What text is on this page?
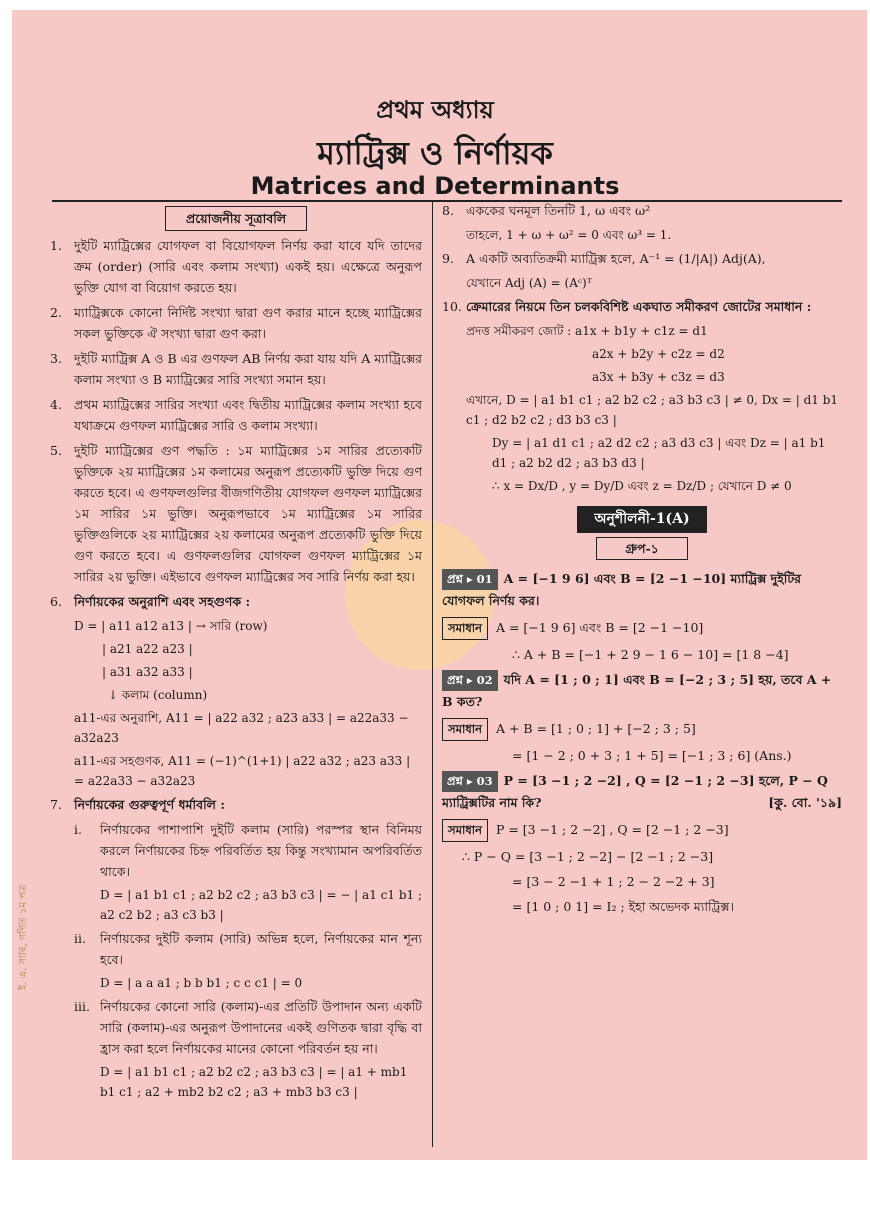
প্রথম অধ্যায়
ম্যাট্রিক্স ও নির্ণায়ক
Matrices and Determinants
প্রয়োজনীয় সূত্রাবলি
1. দুইটি ম্যাট্রিক্সের যোগফল বা বিয়োগফল নির্ণয় করা যাবে যদি তাদের ক্রম (order) (সারি এবং কলাম সংখ্যা) একই হয়। এক্ষেত্রে অনুরূপ ভুক্তি যোগ বা বিয়োগ করতে হয়।
2. ম্যাট্রিক্সকে কোনো নির্দিষ্ট সংখ্যা দ্বারা গুণ করার মানে হচ্ছে ম্যাট্রিক্সের সকল ভুক্তিকে ঐ সংখ্যা দ্বারা গুণ করা।
3. দুইটি ম্যাট্রিক্স A ও B এর গুণফল AB নির্ণয় করা যায় যদি A ম্যাট্রিক্সের কলাম সংখ্যা ও B ম্যাট্রিক্সের সারি সংখ্যা সমান হয়।
4. প্রথম ম্যাট্রিক্সের সারির সংখ্যা এবং দ্বিতীয় ম্যাট্রিক্সের কলাম সংখ্যা হবে যথাক্রমে গুণফল ম্যাট্রিক্সের সারি ও কলাম সংখ্যা।
5. দুইটি ম্যাট্রিক্সের গুণ পদ্ধতি : ১ম ম্যাট্রিক্সের ১ম সারির প্রত্যেকটি ভুক্তিকে ২য় ম্যাট্রিক্সের ১ম কলামের অনুরূপ প্রত্যেকটি ভুক্তি দিয়ে গুণ করতে হবে। এ গুণফলগুলির বীজগণিতীয় যোগফল গুণফল ম্যাট্রিক্সের ১ম সারির ১ম ভুক্তি। অনুরূপভাবে ১ম ম্যাট্রিক্সের ১ম সারির ভুক্তিগুলিকে ২য় ম্যাট্রিক্সের ২য় কলামের অনুরূপ প্রত্যেকটি ভুক্তি দিয়ে গুণ করতে হবে। এ গুণফলগুলির যোগফল গুণফল ম্যাট্রিক্সের ১ম সারির ২য় ভুক্তি। এইভাবে গুণফল ম্যাট্রিক্সের সব সারি নির্ণয় করা হয়।
6. নির্ণায়কের অনুরাশি এবং সহগুণক :
D = | a11 a12 a13 | → সারি (row)
| a21 a22 a23 |
| a31 a32 a33 |
↓ কলাম (column)
a11-এর অনুরাশি, A11 = | a22 a32 ; a23 a33 | = a22a33 − a32a23
a11-এর সহগুণক, A11 = (−1)^(1+1) | a22 a32 ; a23 a33 | = a22a33 − a32a23
7. নির্ণায়কের গুরুত্বপূর্ণ ধর্মাবলি :
i.	নির্ণায়কের পাশাপাশি দুইটি কলাম (সারি) পরস্পর স্থান বিনিময় করলে নির্ণায়কের চিহ্ন পরিবর্তিত হয় কিন্তু সংখ্যামান অপরিবর্তিত থাকে।
D = | a1 b1 c1 ; a2 b2 c2 ; a3 b3 c3 | = − | a1 c1 b1 ; a2 c2 b2 ; a3 c3 b3 |
ii.	নির্ণায়কের দুইটি কলাম (সারি) অভিন্ন হলে, নির্ণায়কের মান শূন্য হবে।
D = | a a a1 ; b b b1 ; c c c1 | = 0
iii. নির্ণায়কের কোনো সারি (কলাম)-এর প্রতিটি উপাদান অন্য একটি সারি (কলাম)-এর অনুরূপ উপাদানের একই গুণিতক দ্বারা বৃদ্ধি বা হ্রাস করা হলে নির্ণায়কের মানের কোনো পরিবর্তন হয় না।
D = | a1 b1 c1 ; a2 b2 c2 ; a3 b3 c3 | = | a1 + mb1 b1 c1 ; a2 + mb2 b2 c2 ; a3 + mb3 b3 c3 |
8. এককের ঘনমূল তিনটি 1, ω এবং ω²
তাহলে, 1 + ω + ω² = 0 এবং ω³ = 1.
9. A একটি অব্যতিক্রমী ম্যাট্রিক্স হলে, A⁻¹ = (1/|A|) Adj(A),
যেখানে Adj (A) = (Aᶜ)ᵀ
10. ক্রেমারের নিয়মে তিন চলকবিশিষ্ট একঘাত সমীকরণ জোটের সমাধান :
প্রদত্ত সমীকরণ জোট : a1x + b1y + c1z = d1
a2x + b2y + c2z = d2
a3x + b3y + c3z = d3
এখানে, D = | a1 b1 c1 ; a2 b2 c2 ; a3 b3 c3 | ≠ 0, Dx = | d1 b1 c1 ; d2 b2 c2 ; d3 b3 c3 |
Dy = | a1 d1 c1 ; a2 d2 c2 ; a3 d3 c3 | এবং Dz = | a1 b1 d1 ; a2 b2 d2 ; a3 b3 d3 |
∴ x = Dx/D , y = Dy/D এবং z = Dz/D ; যেখানে D ≠ 0
অনুশীলনী-1(A)
গ্রুপ-১
প্রশ্ন ▸ 01 A = [−1 9 6] এবং B = [2 −1 −10] ম্যাট্রিক্স দুইটির যোগফল নির্ণয় কর।
সমাধান A = [−1 9 6] এবং B = [2 −1 −10]
∴ A + B = [−1 + 2 9 − 1 6 − 10] = [1 8 −4]
প্রশ্ন ▸ 02 যদি A = [1 ; 0 ; 1] এবং B = [−2 ; 3 ; 5] হয়, তবে A + B কত?
সমাধান A + B = [1 ; 0 ; 1] + [−2 ; 3 ; 5]
= [1 − 2 ; 0 + 3 ; 1 + 5] = [−1 ; 3 ; 6] (Ans.)
প্রশ্ন ▸ 03 P = [3 −1 ; 2 −2] , Q = [2 −1 ; 2 −3] হলে, P − Q ম্যাট্রিক্সটির নাম কি?	[কু. বো. '১৯]
সমাধান P = [3 −1 ; 2 −2] , Q = [2 −1 ; 2 −3]
∴ P − Q = [3 −1 ; 2 −2] − [2 −1 ; 2 −3]
= [3 − 2 −1 + 1 ; 2 − 2 −2 + 3]
= [1 0 ; 0 1] = I₂ ; ইহা অভেদক ম্যাট্রিক্স।
ই. এ. স্যার, গণিত ১ম পত্র
